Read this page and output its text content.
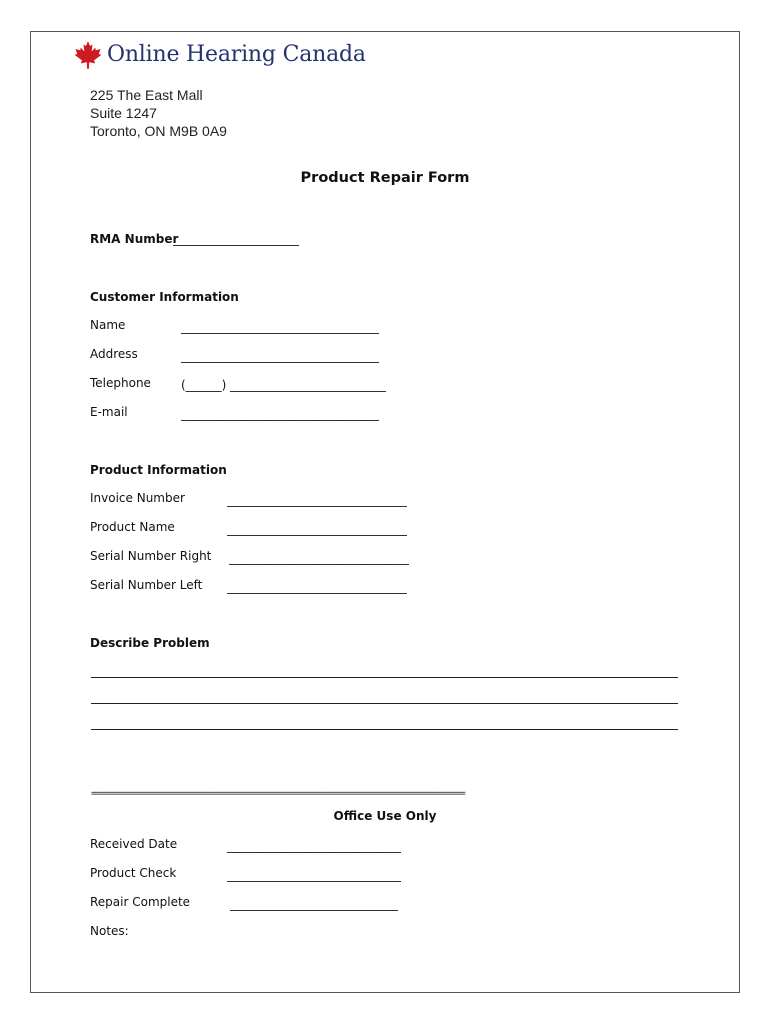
Online Hearing Canada
225 The East Mall
Suite 1247
Toronto, ON M9B 0A9
Product Repair Form
RMA Number
_____________________
Customer Information
Name	_________________________________
Address	_________________________________
Telephone	(______) __________________________
E-mail	_________________________________
Product Information
Invoice Number	______________________________
Product Name	______________________________
Serial Number Right ______________________________
Serial Number Left ______________________________
Describe Problem
==========================================================================================
Office Use Only
Received Date	_____________________________
Product Check	_____________________________
Repair Complete	____________________________
Notes:
